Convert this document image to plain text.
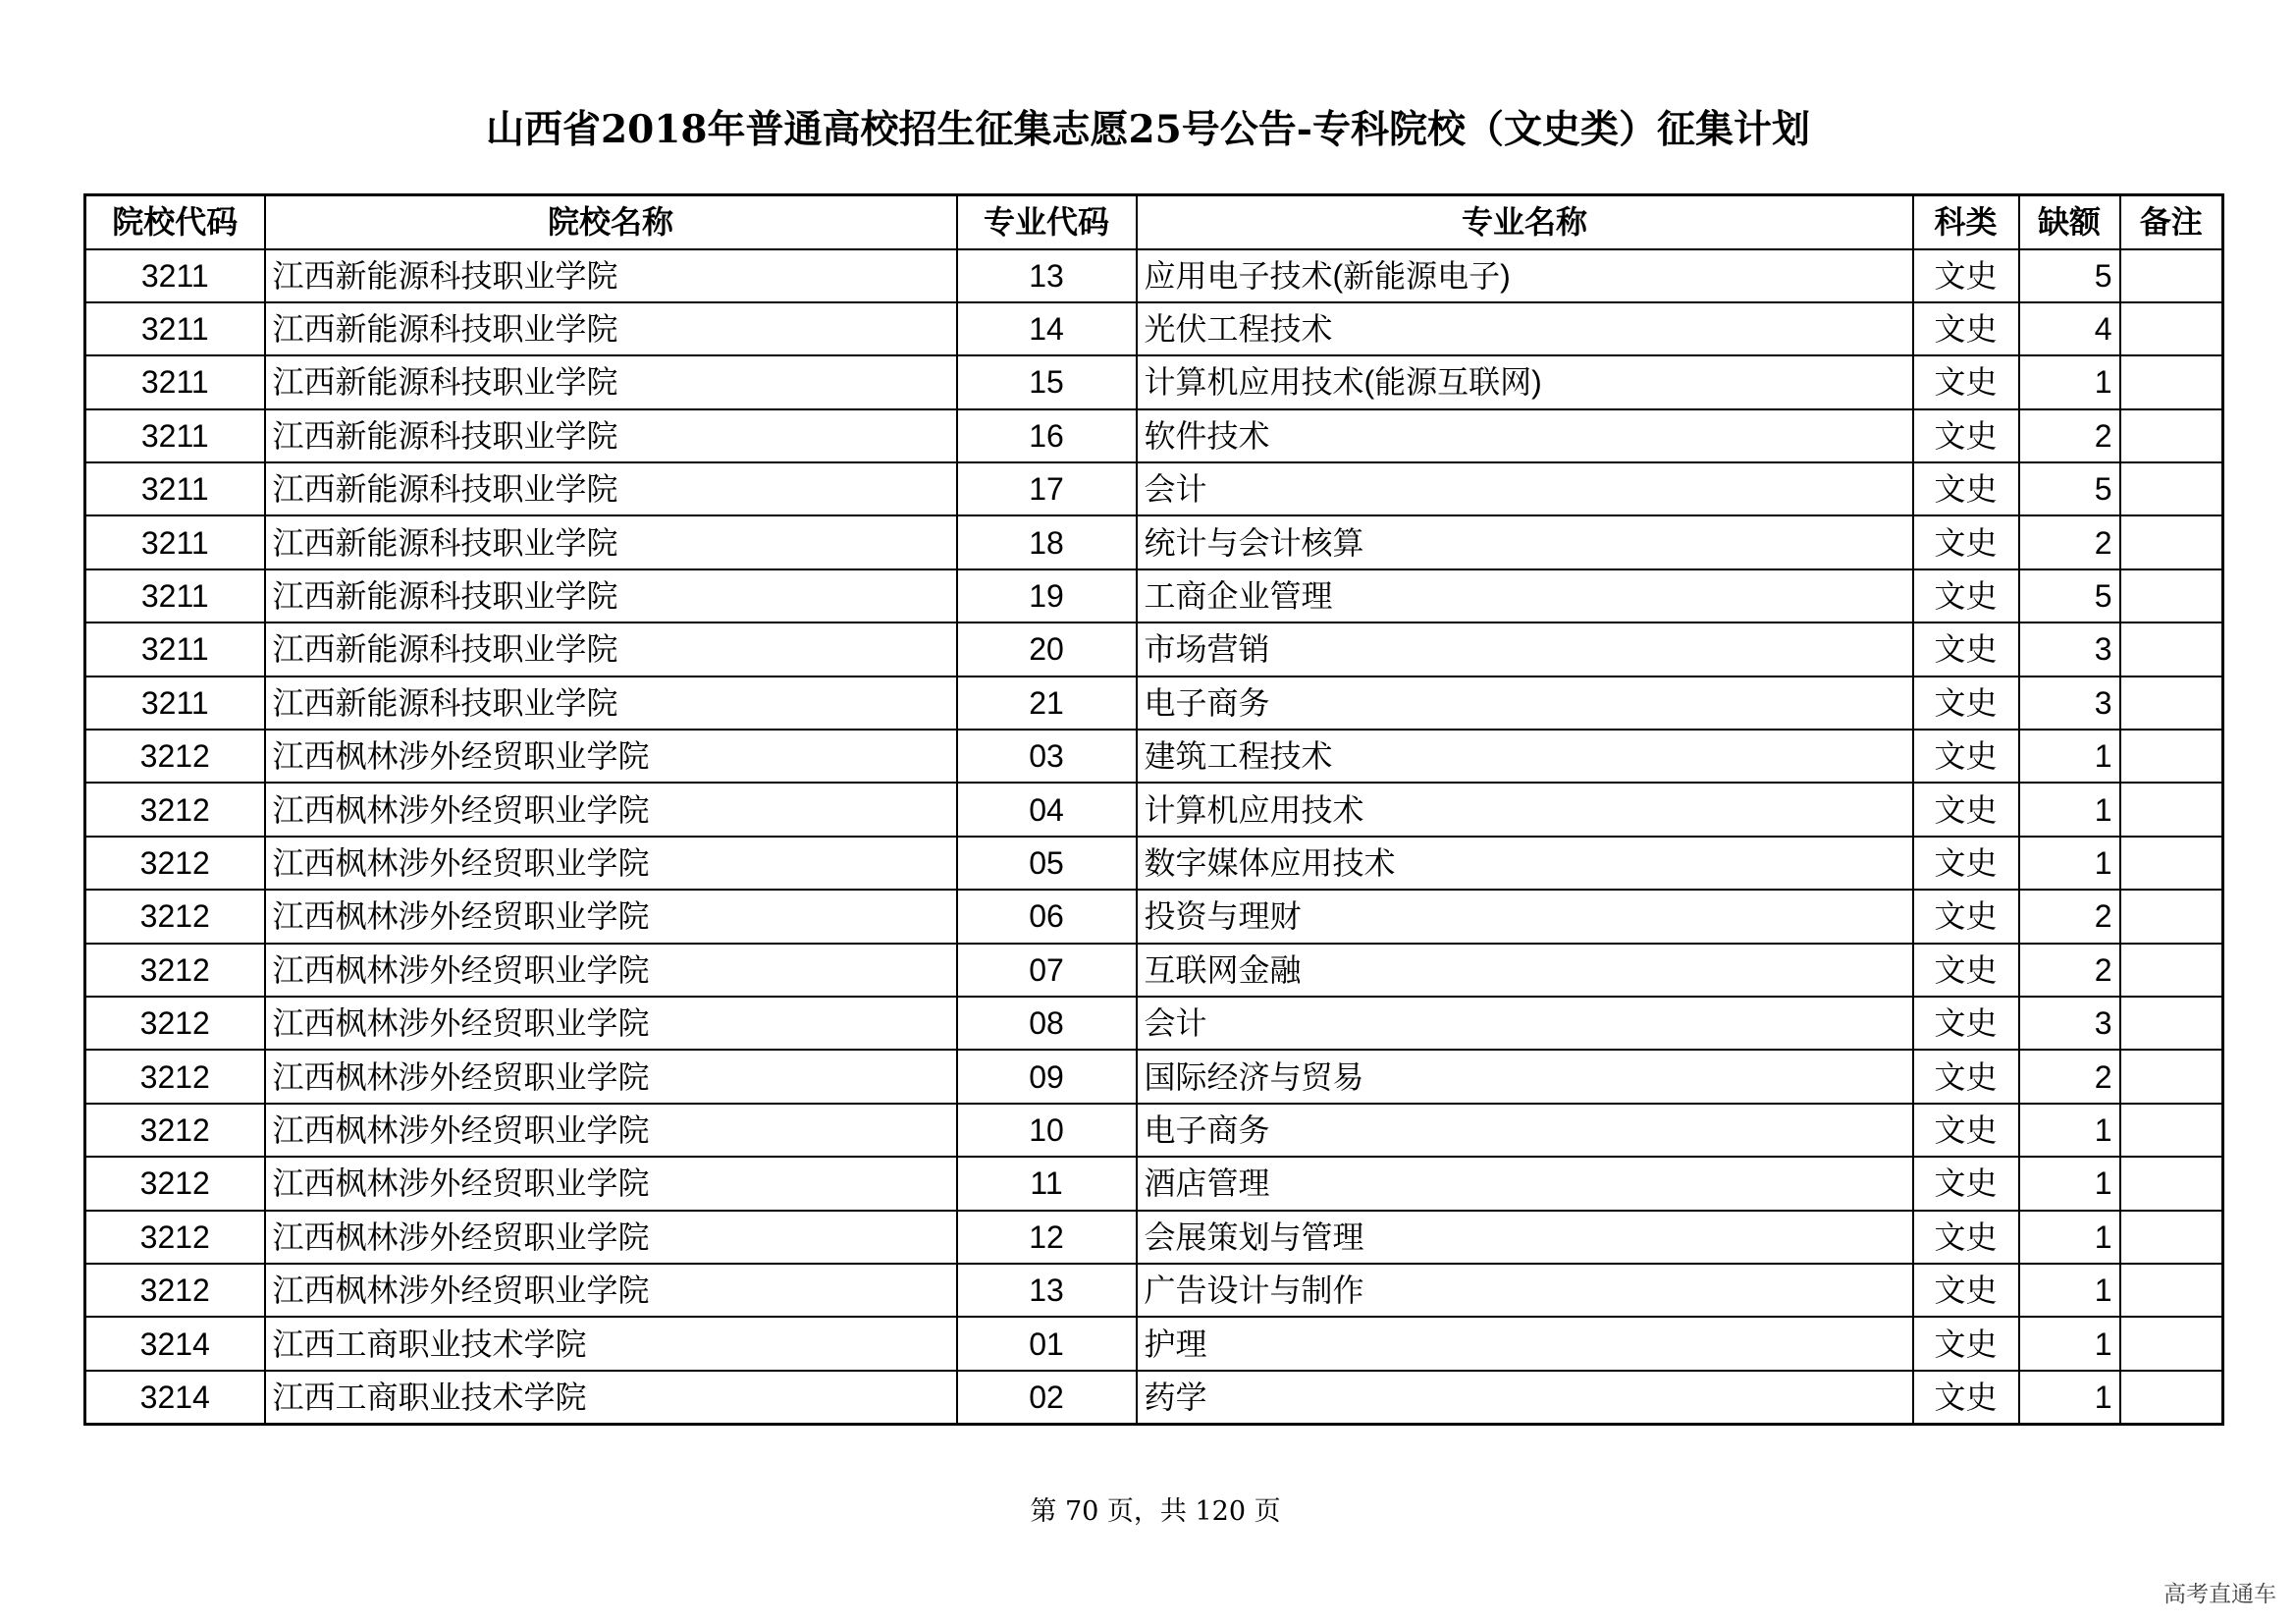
山西省2018年普通高校招生征集志愿25号公告-专科院校（文史类）征集计划
院校代码	院校名称	专业代码	专业名称	科类	缺额	备注
3211	江西新能源科技职业学院	13	应用电子技术(新能源电子)	文史	5	
3211	江西新能源科技职业学院	14	光伏工程技术	文史	4	
3211	江西新能源科技职业学院	15	计算机应用技术(能源互联网)	文史	1	
3211	江西新能源科技职业学院	16	软件技术	文史	2	
3211	江西新能源科技职业学院	17	会计	文史	5	
3211	江西新能源科技职业学院	18	统计与会计核算	文史	2	
3211	江西新能源科技职业学院	19	工商企业管理	文史	5	
3211	江西新能源科技职业学院	20	市场营销	文史	3	
3211	江西新能源科技职业学院	21	电子商务	文史	3	
3212	江西枫林涉外经贸职业学院	03	建筑工程技术	文史	1	
3212	江西枫林涉外经贸职业学院	04	计算机应用技术	文史	1	
3212	江西枫林涉外经贸职业学院	05	数字媒体应用技术	文史	1	
3212	江西枫林涉外经贸职业学院	06	投资与理财	文史	2	
3212	江西枫林涉外经贸职业学院	07	互联网金融	文史	2	
3212	江西枫林涉外经贸职业学院	08	会计	文史	3	
3212	江西枫林涉外经贸职业学院	09	国际经济与贸易	文史	2	
3212	江西枫林涉外经贸职业学院	10	电子商务	文史	1	
3212	江西枫林涉外经贸职业学院	11	酒店管理	文史	1	
3212	江西枫林涉外经贸职业学院	12	会展策划与管理	文史	1	
3212	江西枫林涉外经贸职业学院	13	广告设计与制作	文史	1	
3214	江西工商职业技术学院	01	护理	文史	1	
3214	江西工商职业技术学院	02	药学	文史	1	
第 70 页，共 120 页
高考直通车
